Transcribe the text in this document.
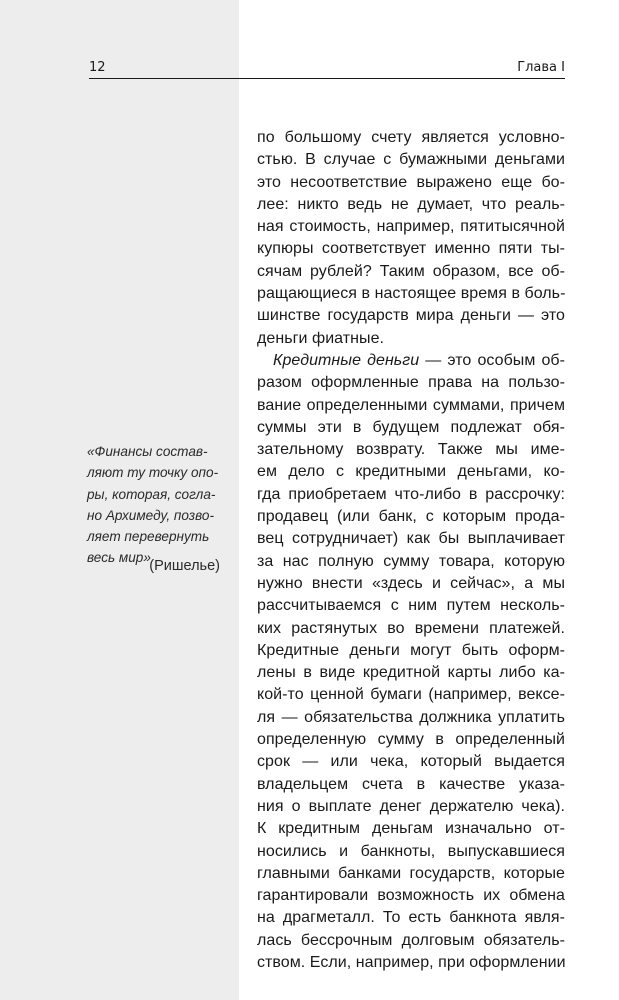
12	Глава I
по большому счету является условно-
стью. В случае с бумажными деньгами
это несоответствие выражено еще бо-
лее: никто ведь не думает, что реаль-
ная стоимость, например, пятитысячной
купюры соответствует именно пяти ты-
сячам рублей? Таким образом, все об-
ращающиеся в настоящее время в боль-
шинстве государств мира деньги — это
деньги фиатные.
Кредитные деньги — это особым об-
разом оформленные права на пользо-
вание определенными суммами, причем
суммы эти в будущем подлежат обя-
зательному возврату. Также мы име-
ем дело с кредитными деньгами, ко-
гда приобретаем что-либо в рассрочку:
продавец (или банк, с которым прода-
вец сотрудничает) как бы выплачивает
за нас полную сумму товара, которую
нужно внести «здесь и сейчас», а мы
рассчитываемся с ним путем несколь-
ких растянутых во времени платежей.
Кредитные деньги могут быть оформ-
лены в виде кредитной карты либо ка-
кой-то ценной бумаги (например, вексе-
ля — обязательства должника уплатить
определенную сумму в определенный
срок — или чека, который выдается
владельцем счета в качестве указа-
ния о выплате денег держателю чека).
К кредитным деньгам изначально от-
носились и банкноты, выпускавшиеся
главными банками государств, которые
гарантировали возможность их обмена
на драгметалл. То есть банкнота явля-
лась бессрочным долговым обязатель-
ством. Если, например, при оформлении
«Финансы состав-
ляют ту точку опо-
ры, которая, согла-
но Архимеду, позво-
ляет перевернуть
весь мир»
(Ришелье)
